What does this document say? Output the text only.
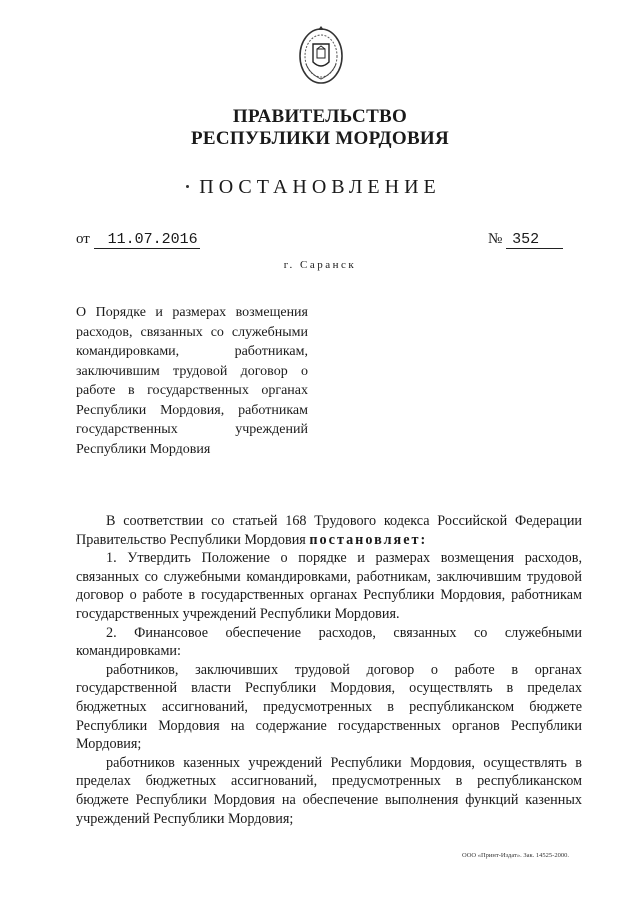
ПРАВИТЕЛЬСТВО
РЕСПУБЛИКИ МОРДОВИЯ
ПОСТАНОВЛЕНИЕ
от 11.07.2016	№ 352
г. Саранск
О Порядке и размерах возмещения расходов, связанных со служебными командировками, работникам, заключившим трудовой договор о работе в государственных органах Республики Мордовия, работникам государственных учреждений Республики Мордовия

В соответствии со статьей 168 Трудового кодекса Российской Федерации Правительство Республики Мордовия постановляет:

1. Утвердить Положение о порядке и размерах возмещения расходов, связанных со служебными командировками, работникам, заключившим трудовой договор о работе в государственных органах Республики Мордовия, работникам государственных учреждений Республики Мордовия.

2. Финансовое обеспечение расходов, связанных со служебными командировками:

работников, заключивших трудовой договор о работе в органах государственной власти Республики Мордовия, осуществлять в пределах бюджетных ассигнований, предусмотренных в республиканском бюджете Республики Мордовия на содержание государственных органов Республики Мордовия;

работников казенных учреждений Республики Мордовия, осуществлять в пределах бюджетных ассигнований, предусмотренных в республиканском бюджете Республики Мордовия на обеспечение выполнения функций казенных учреждений Республики Мордовия;

ООО «Принт-Издат». Зак. 14525-2000.
